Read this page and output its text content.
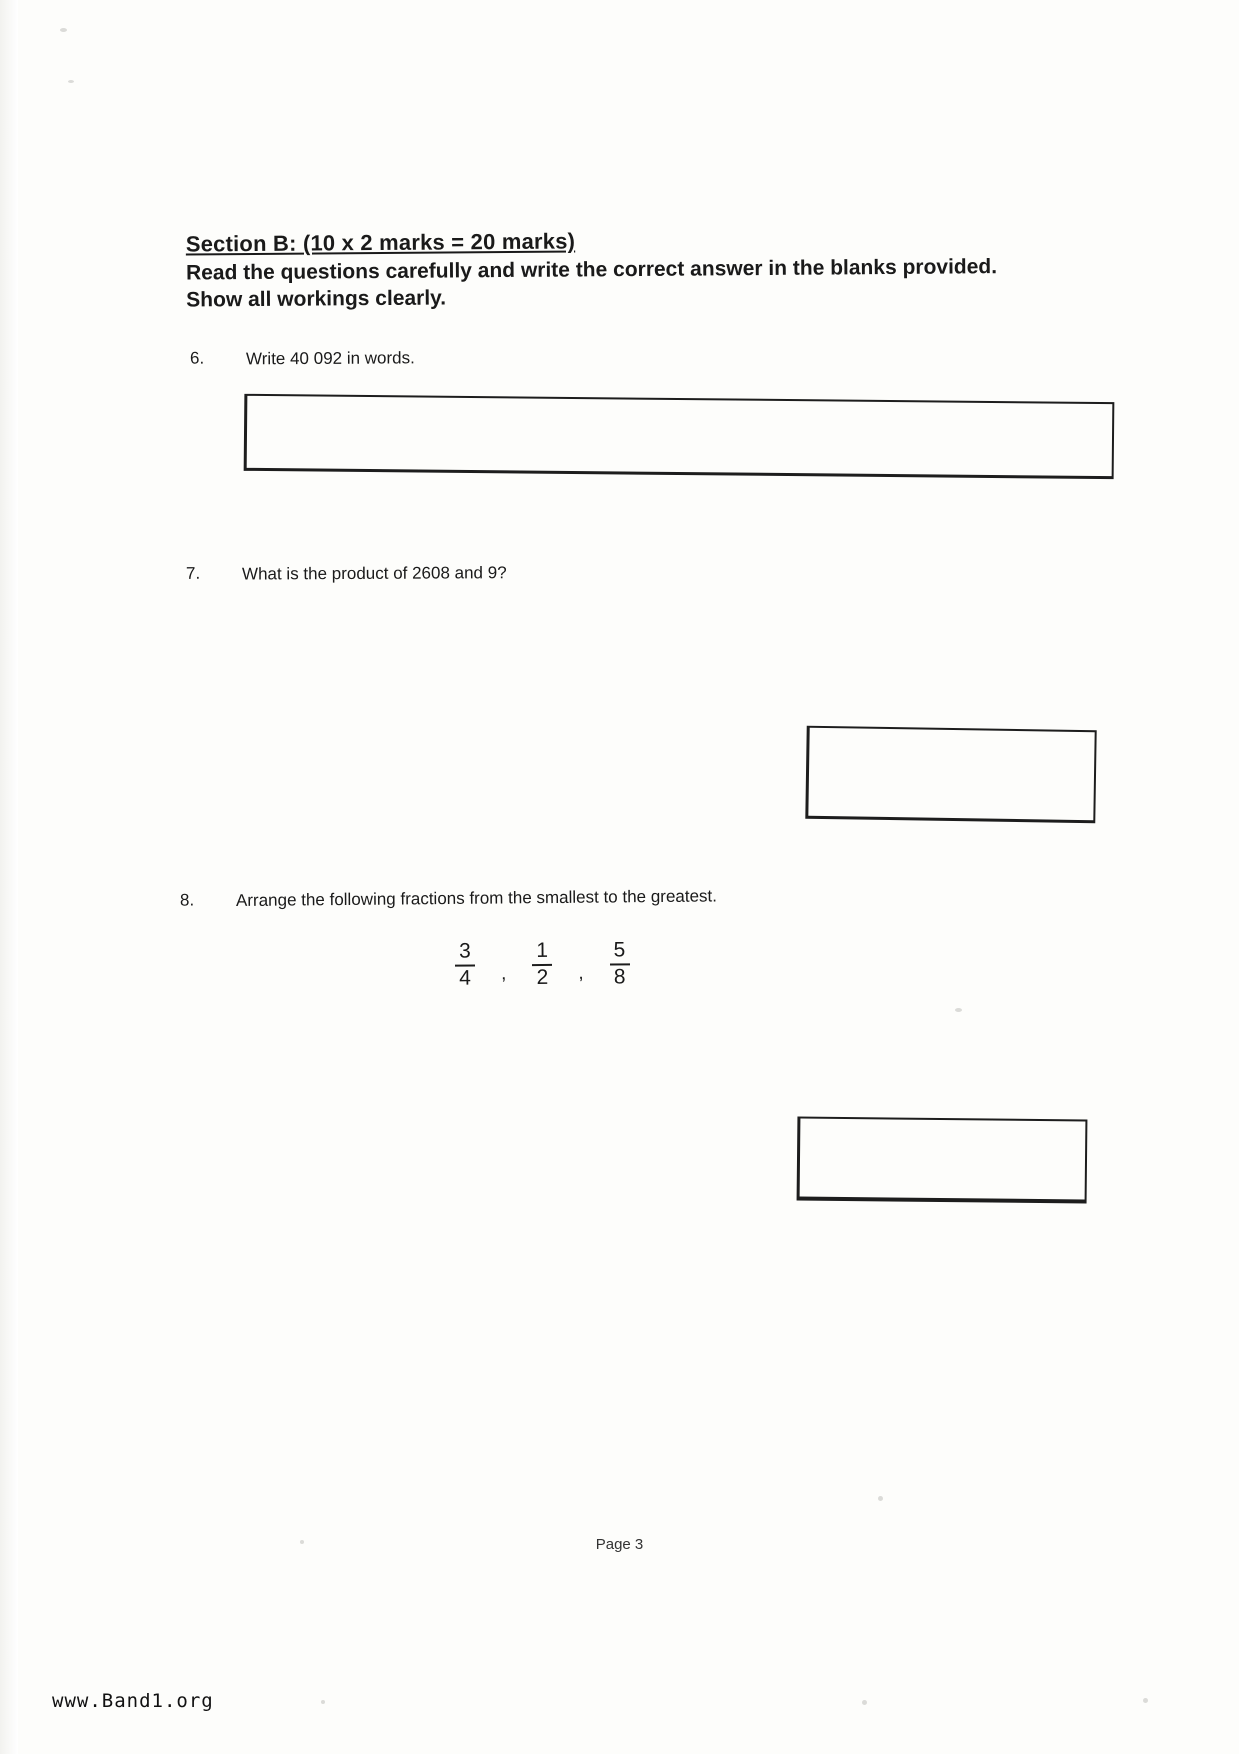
Section B: (10 x 2 marks = 20 marks)

Read the questions carefully and write the correct answer in the blanks provided. Show all workings clearly.

6.	Write 40 092 in words.
7.	What is the product of 2608 and 9?
8.	Arrange the following fractions from the smallest to the greatest.
$\frac{3}{4}$ , $\frac{1}{2}$ , $\frac{5}{8}$
Page 3
www.Band1.org
